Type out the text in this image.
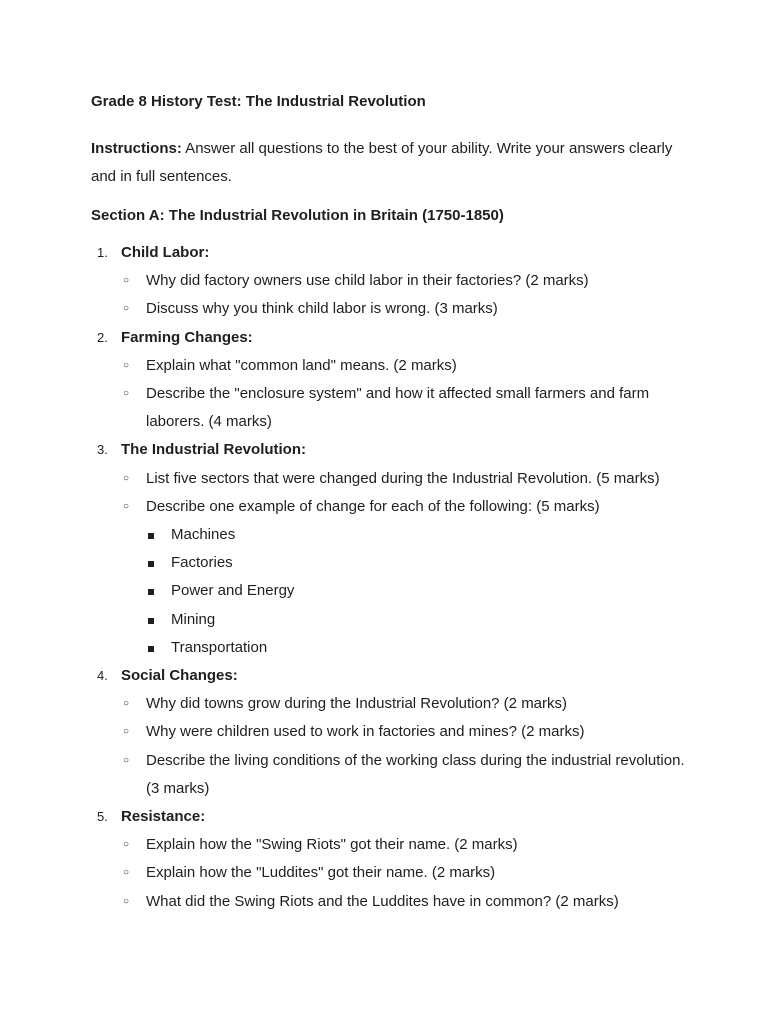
Grade 8 History Test: The Industrial Revolution
Instructions: Answer all questions to the best of your ability. Write your answers clearly and in full sentences.
Section A: The Industrial Revolution in Britain (1750-1850)
1. Child Labor:
○ Why did factory owners use child labor in their factories? (2 marks)
○ Discuss why you think child labor is wrong. (3 marks)
2. Farming Changes:
○ Explain what "common land" means. (2 marks)
○ Describe the "enclosure system" and how it affected small farmers and farm laborers. (4 marks)
3. The Industrial Revolution:
○ List five sectors that were changed during the Industrial Revolution. (5 marks)
○ Describe one example of change for each of the following: (5 marks)
Machines
Factories
Power and Energy
Mining
Transportation
4. Social Changes:
○ Why did towns grow during the Industrial Revolution? (2 marks)
○ Why were children used to work in factories and mines? (2 marks)
○ Describe the living conditions of the working class during the industrial revolution. (3 marks)
5. Resistance:
○ Explain how the "Swing Riots" got their name. (2 marks)
○ Explain how the "Luddites" got their name. (2 marks)
○ What did the Swing Riots and the Luddites have in common? (2 marks)
